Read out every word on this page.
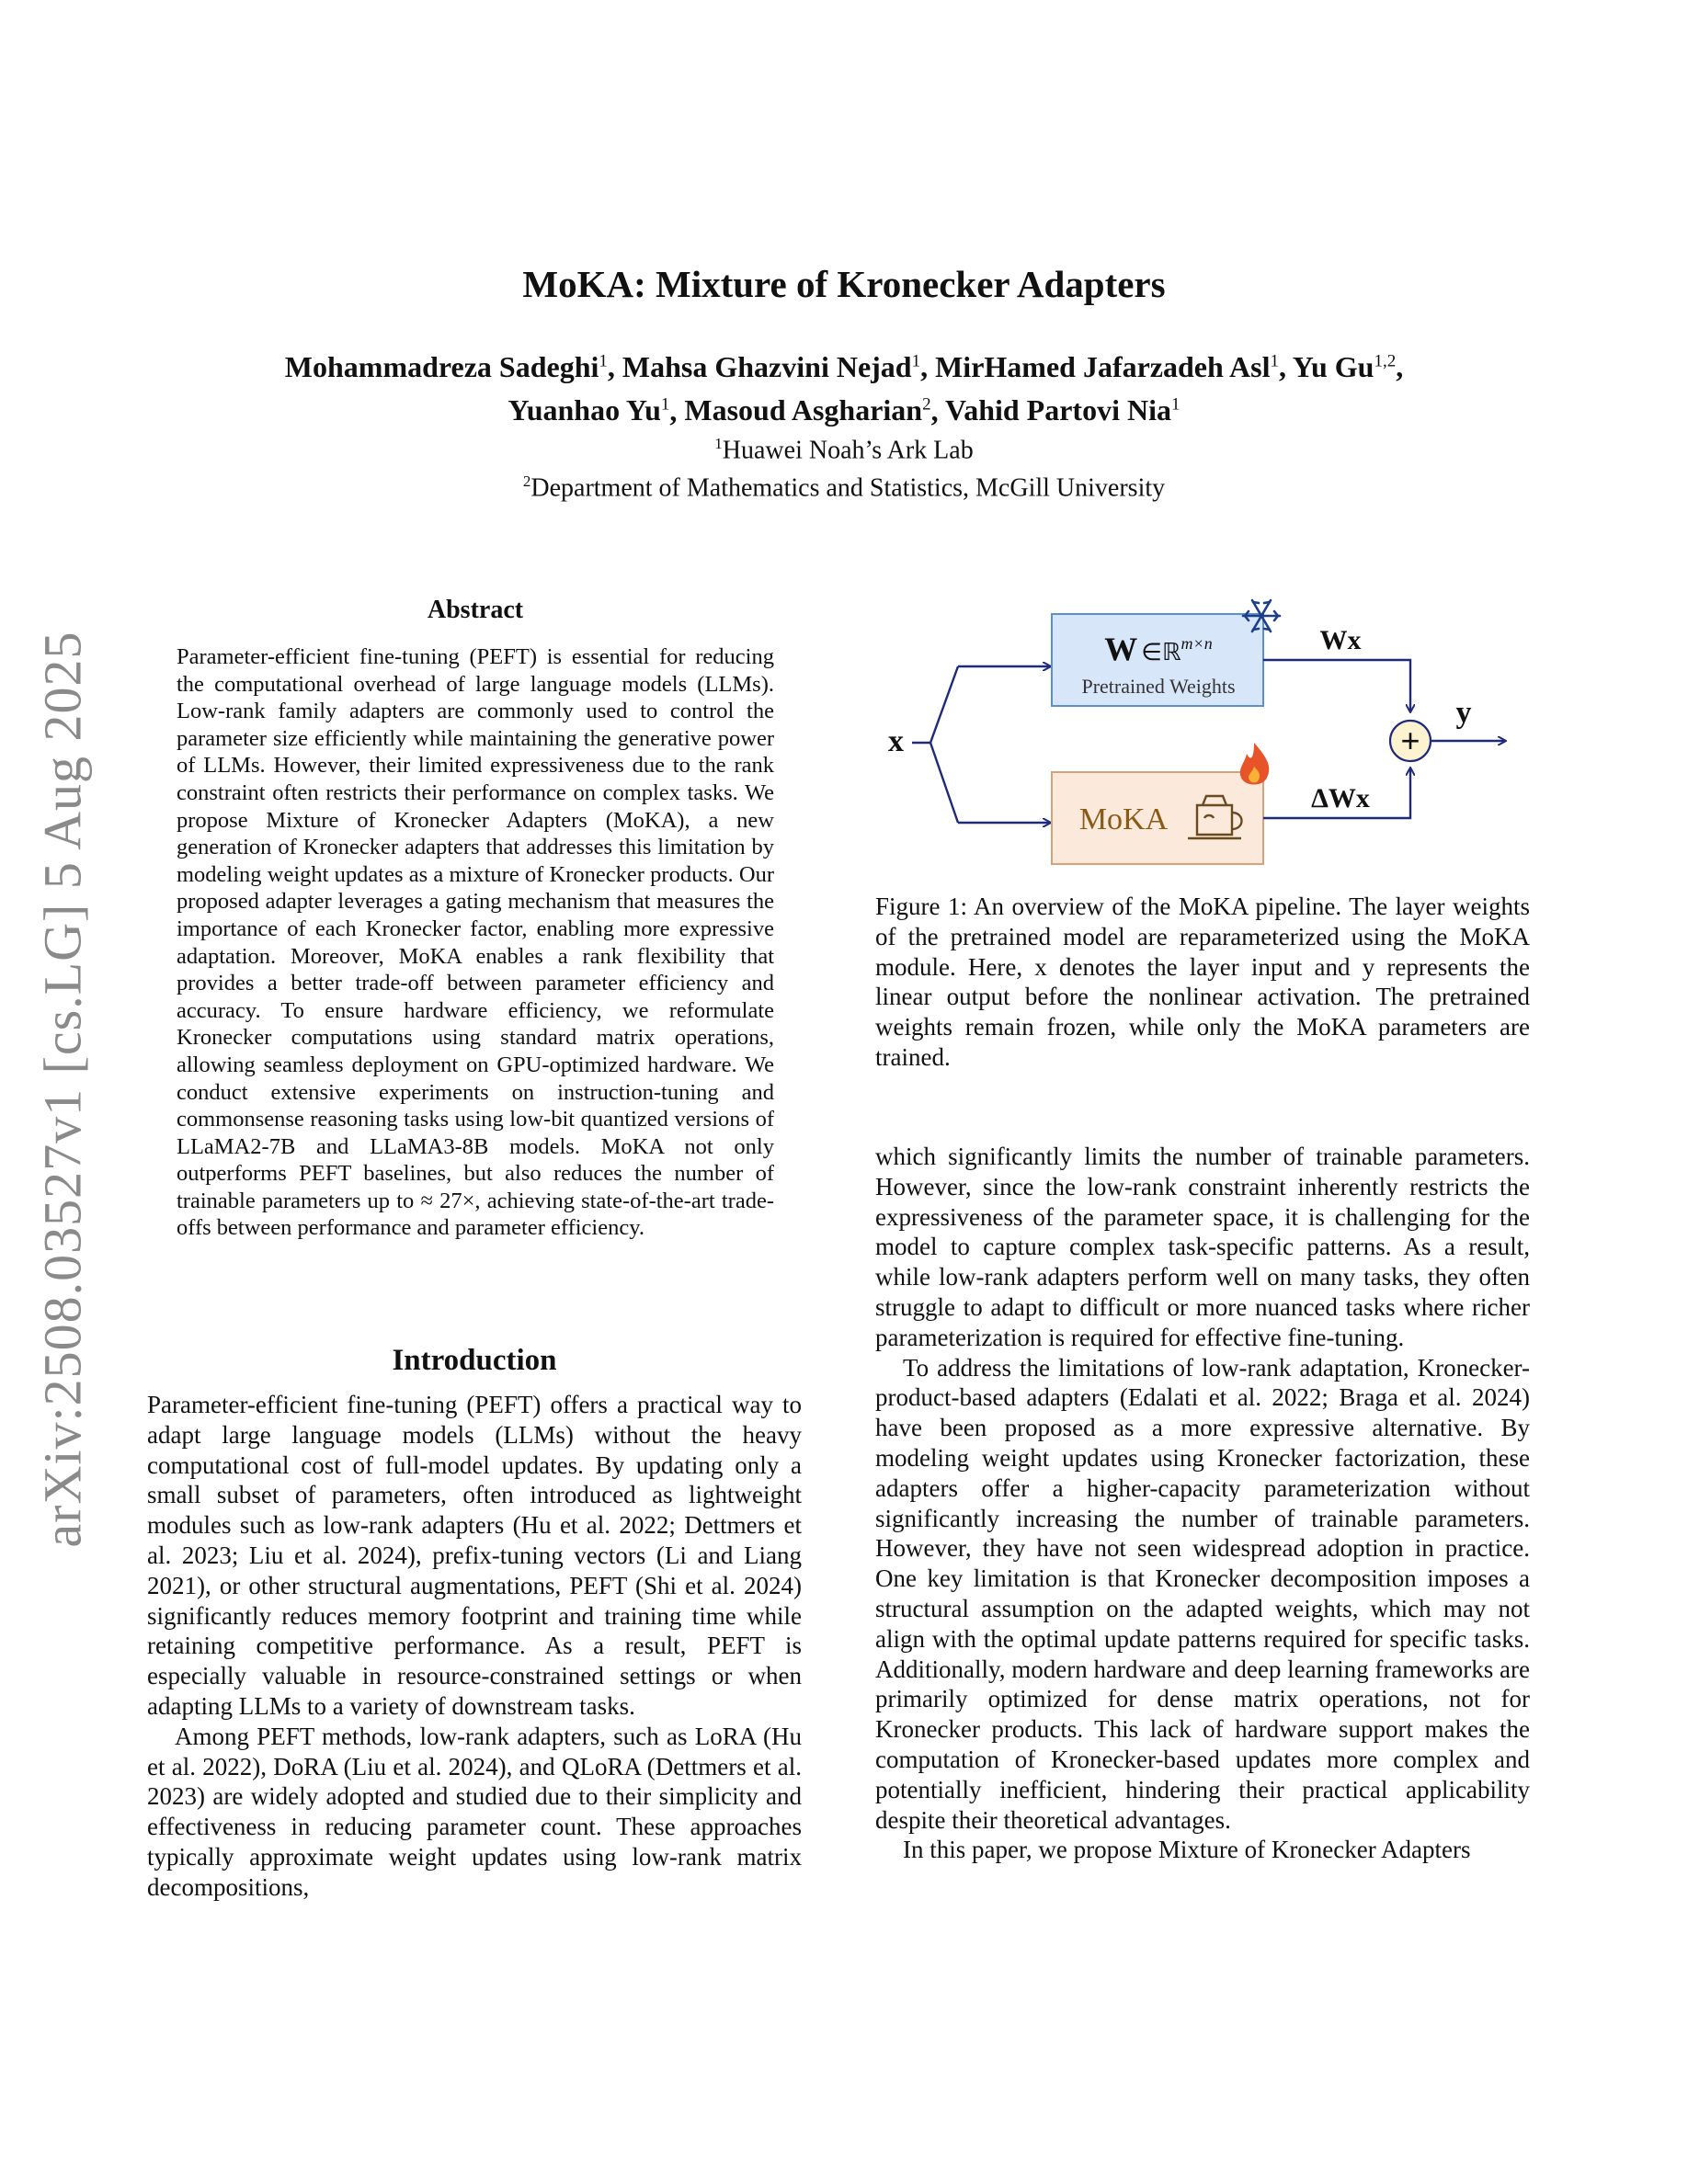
arXiv:2508.03527v1 [cs.LG] 5 Aug 2025
MoKA: Mixture of Kronecker Adapters
Mohammadreza Sadeghi$^1$, Mahsa Ghazvini Nejad$^1$, MirHamed Jafarzadeh Asl$^1$, Yu Gu$^{1,2}$,
Yuanhao Yu$^1$, Masoud Asgharian$^2$, Vahid Partovi Nia$^1$
$^1$Huawei Noah’s Ark Lab
$^2$Department of Mathematics and Statistics, McGill University
Abstract
Parameter-efficient fine-tuning (PEFT) is essential for reducing the computational overhead of large language models (LLMs). Low-rank family adapters are commonly used to control the parameter size efficiently while maintaining the generative power of LLMs. However, their limited expressiveness due to the rank constraint often restricts their performance on complex tasks. We propose Mixture of Kronecker Adapters (MoKA), a new generation of Kronecker adapters that addresses this limitation by modeling weight updates as a mixture of Kronecker products. Our proposed adapter leverages a gating mechanism that measures the importance of each Kronecker factor, enabling more expressive adaptation. Moreover, MoKA enables a rank flexibility that provides a better trade-off between parameter efficiency and accuracy. To ensure hardware efficiency, we reformulate Kronecker computations using standard matrix operations, allowing seamless deployment on GPU-optimized hardware. We conduct extensive experiments on instruction-tuning and commonsense reasoning tasks using low-bit quantized versions of LLaMA2-7B and LLaMA3-8B models. MoKA not only outperforms PEFT baselines, but also reduces the number of trainable parameters up to ≈ 27×, achieving state-of-the-art trade-offs between performance and parameter efficiency.
Introduction

Parameter-efficient fine-tuning (PEFT) offers a practical way to adapt large language models (LLMs) without the heavy computational cost of full-model updates. By updating only a small subset of parameters, often introduced as lightweight modules such as low-rank adapters (Hu et al. 2022; Dettmers et al. 2023; Liu et al. 2024), prefix-tuning vectors (Li and Liang 2021), or other structural augmentations, PEFT (Shi et al. 2024) significantly reduces memory footprint and training time while retaining competitive performance. As a result, PEFT is especially valuable in resource-constrained settings or when adapting LLMs to a variety of downstream tasks.

Among PEFT methods, low-rank adapters, such as LoRA (Hu et al. 2022), DoRA (Liu et al. 2024), and QLoRA (Dettmers et al. 2023) are widely adopted and studied due to their simplicity and effectiveness in reducing parameter count. These approaches typically approximate weight updates using low-rank matrix decompositions,

x
W ∈ℝm×n
Pretrained Weights
MoKA
Wx
ΔWx
+
y
Figure 1: An overview of the MoKA pipeline. The layer weights of the pretrained model are reparameterized using the MoKA module. Here, x denotes the layer input and y represents the linear output before the nonlinear activation. The pretrained weights remain frozen, while only the MoKA parameters are trained.

which significantly limits the number of trainable parameters. However, since the low-rank constraint inherently restricts the expressiveness of the parameter space, it is challenging for the model to capture complex task-specific patterns. As a result, while low-rank adapters perform well on many tasks, they often struggle to adapt to difficult or more nuanced tasks where richer parameterization is required for effective fine-tuning.

To address the limitations of low-rank adaptation, Kronecker-product-based adapters (Edalati et al. 2022; Braga et al. 2024) have been proposed as a more expressive alternative. By modeling weight updates using Kronecker factorization, these adapters offer a higher-capacity parameterization without significantly increasing the number of trainable parameters. However, they have not seen widespread adoption in practice. One key limitation is that Kronecker decomposition imposes a structural assumption on the adapted weights, which may not align with the optimal update patterns required for specific tasks. Additionally, modern hardware and deep learning frameworks are primarily optimized for dense matrix operations, not for Kronecker products. This lack of hardware support makes the computation of Kronecker-based updates more complex and potentially inefficient, hindering their practical applicability despite their theoretical advantages.

In this paper, we propose Mixture of Kronecker Adapters
